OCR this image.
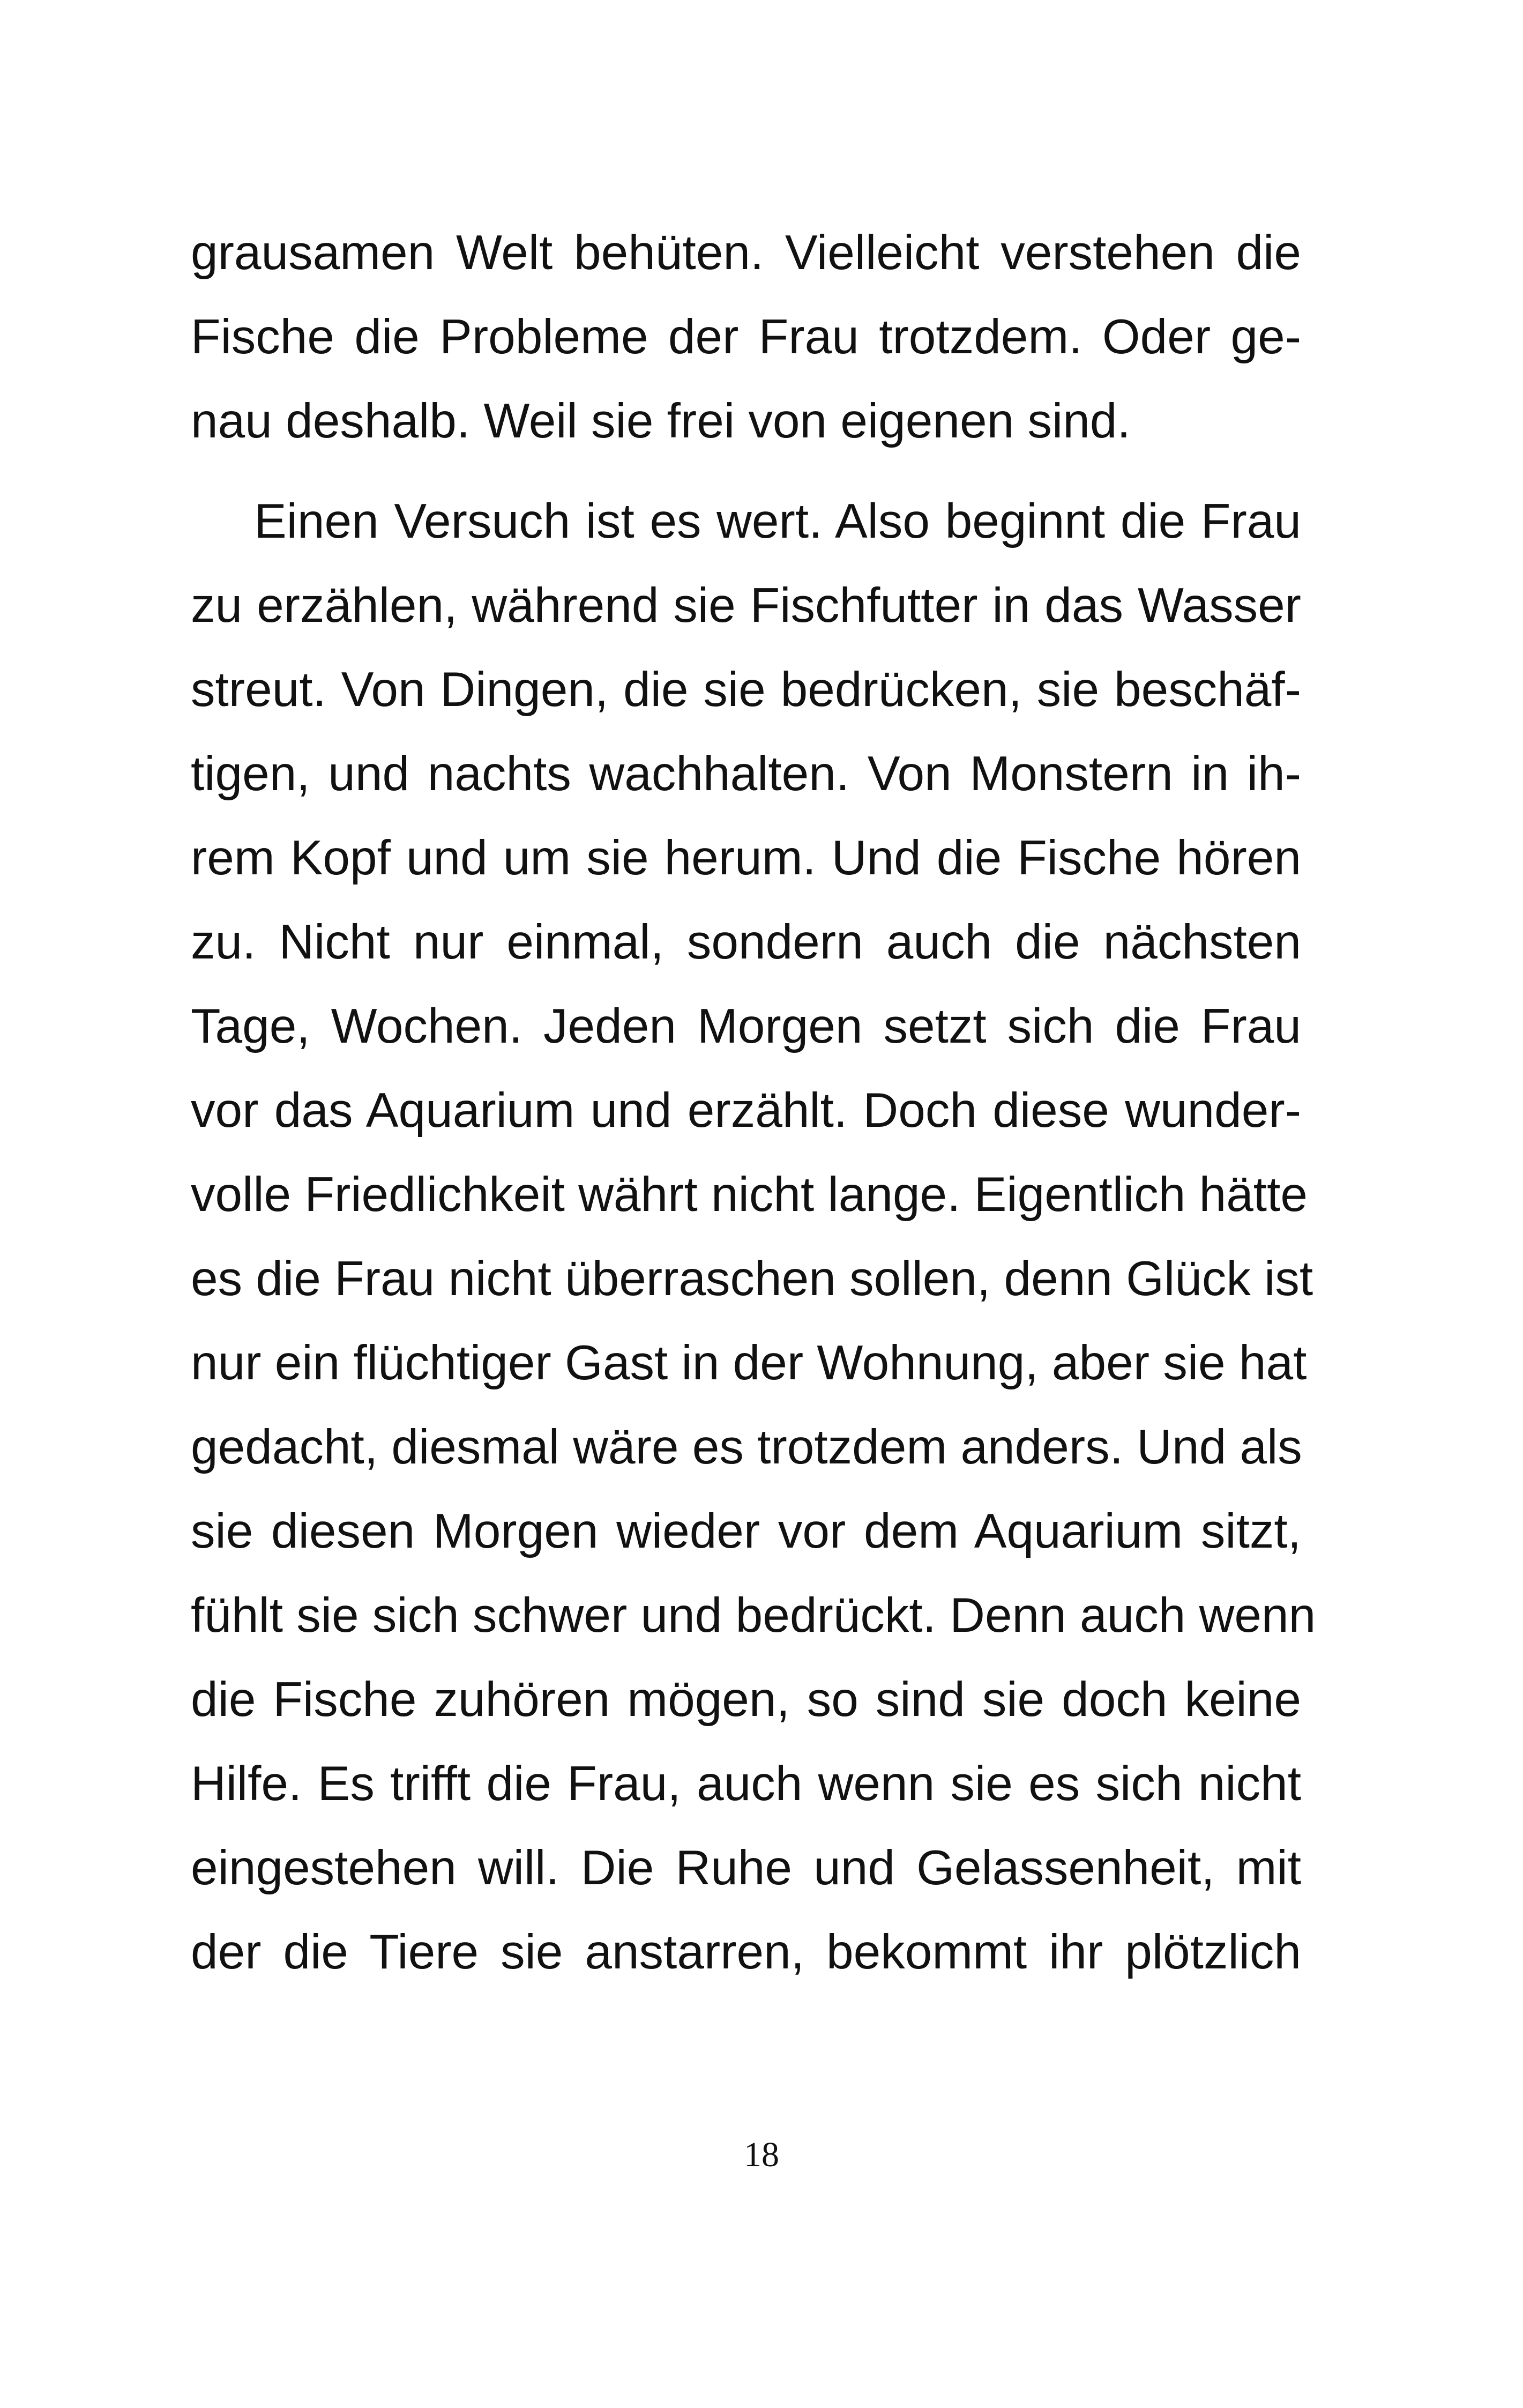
grausamen Welt behüten. Vielleicht verstehen die
Fische die Probleme der Frau trotzdem. Oder ge-
nau deshalb. Weil sie frei von eigenen sind.
Einen Versuch ist es wert. Also beginnt die Frau
zu erzählen, während sie Fischfutter in das Wasser
streut. Von Dingen, die sie bedrücken, sie beschäf-
tigen, und nachts wachhalten. Von Monstern in ih-
rem Kopf und um sie herum. Und die Fische hören
zu. Nicht nur einmal, sondern auch die nächsten
Tage, Wochen. Jeden Morgen setzt sich die Frau
vor das Aquarium und erzählt. Doch diese wunder-
volle Friedlichkeit währt nicht lange. Eigentlich hätte
es die Frau nicht überraschen sollen, denn Glück ist
nur ein flüchtiger Gast in der Wohnung, aber sie hat
gedacht, diesmal wäre es trotzdem anders. Und als
sie diesen Morgen wieder vor dem Aquarium sitzt,
fühlt sie sich schwer und bedrückt. Denn auch wenn
die Fische zuhören mögen, so sind sie doch keine
Hilfe. Es trifft die Frau, auch wenn sie es sich nicht
eingestehen will. Die Ruhe und Gelassenheit, mit
der die Tiere sie anstarren, bekommt ihr plötzlich
18
